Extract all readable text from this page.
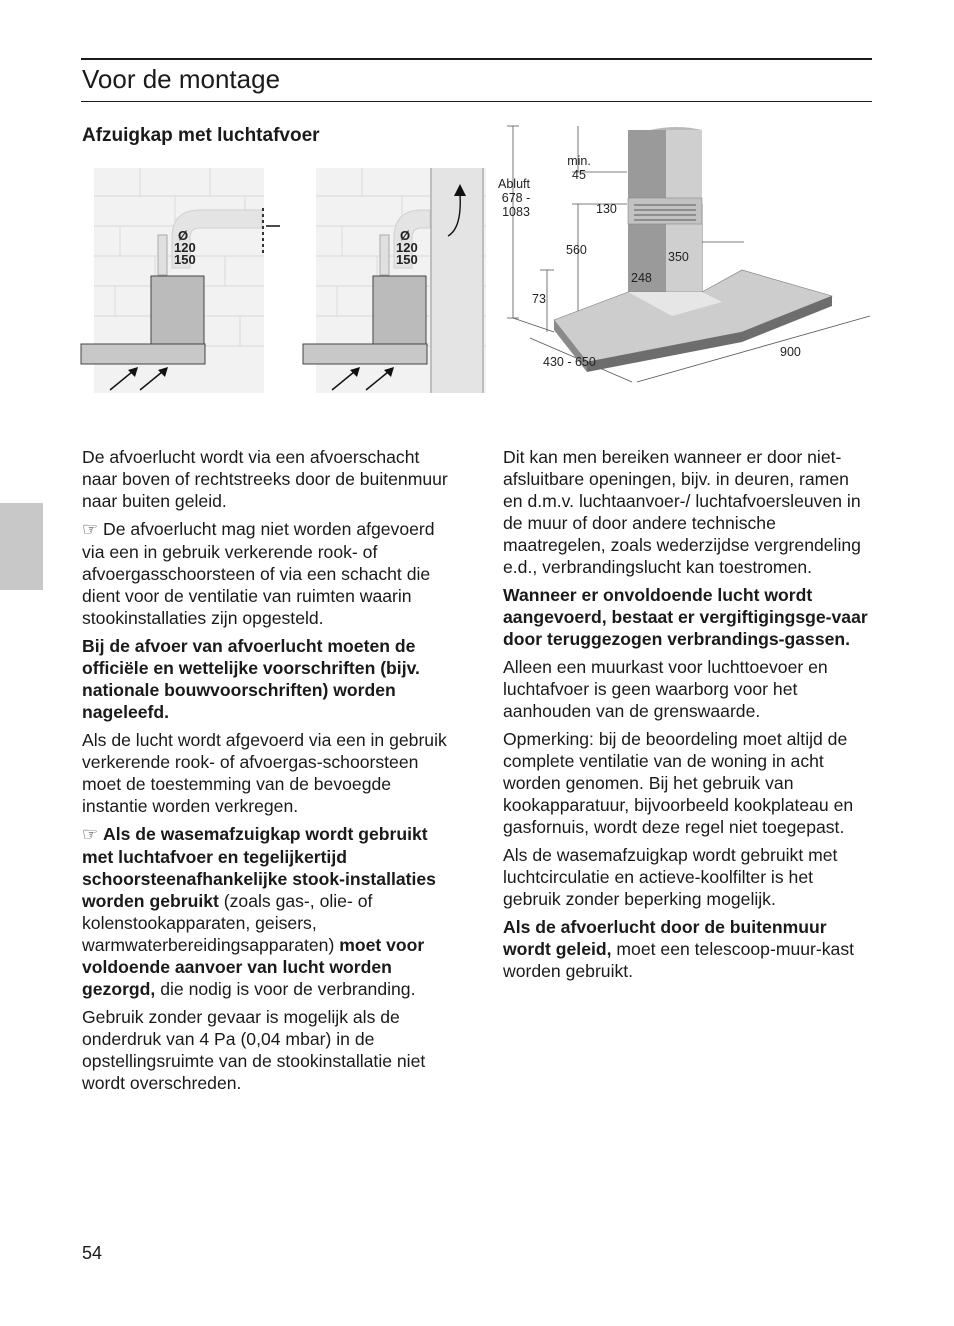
Voor de montage
Afzuigkap met luchtafvoer
Ø
120
150
Ø
120
150
Abluft
678 -
1083
min.
45
130
560	350
248
73
430 - 650
900

De afvoerlucht wordt via een afvoerschacht naar boven of rechtstreeks door de buitenmuur naar buiten geleid.

☞ De afvoerlucht mag niet worden afgevoerd via een in gebruik verkerende rook- of afvoergasschoorsteen of via een schacht die dient voor de ventilatie van ruimten waarin stookinstallaties zijn opgesteld.

Bij de afvoer van afvoerlucht moeten de officiële en wettelijke voorschriften (bijv. nationale bouwvoorschriften) worden nageleefd.

Als de lucht wordt afgevoerd via een in gebruik verkerende rook- of afvoergas-schoorsteen moet de toestemming van de bevoegde instantie worden verkregen.

☞ Als de wasemafzuigkap wordt gebruikt met luchtafvoer en tegelijkertijd schoorsteenafhankelijke stook-installaties worden gebruikt (zoals gas-, olie- of kolenstookapparaten, geisers, warmwaterbereidingsapparaten) moet voor voldoende aanvoer van lucht worden gezorgd, die nodig is voor de verbranding.

Gebruik zonder gevaar is mogelijk als de onderdruk van 4 Pa (0,04 mbar) in de opstellingsruimte van de stookinstallatie niet wordt overschreden.

Dit kan men bereiken wanneer er door niet-afsluitbare openingen, bijv. in deuren, ramen en d.m.v. luchtaanvoer-/ luchtafvoersleuven in de muur of door andere technische maatregelen, zoals wederzijdse vergrendeling e.d., verbrandingslucht kan toestromen.

Wanneer er onvoldoende lucht wordt aangevoerd, bestaat er vergiftigingsge-vaar door teruggezogen verbrandings-gassen.

Alleen een muurkast voor luchttoevoer en luchtafvoer is geen waarborg voor het aanhouden van de grenswaarde.

Opmerking: bij de beoordeling moet altijd de complete ventilatie van de woning in acht worden genomen. Bij het gebruik van kookapparatuur, bijvoorbeeld kookplateau en gasfornuis, wordt deze regel niet toegepast.

Als de wasemafzuigkap wordt gebruikt met luchtcirculatie en actieve-koolfilter is het gebruik zonder beperking mogelijk.

Als de afvoerlucht door de buitenmuur wordt geleid, moet een telescoop-muur-kast worden gebruikt.

54
